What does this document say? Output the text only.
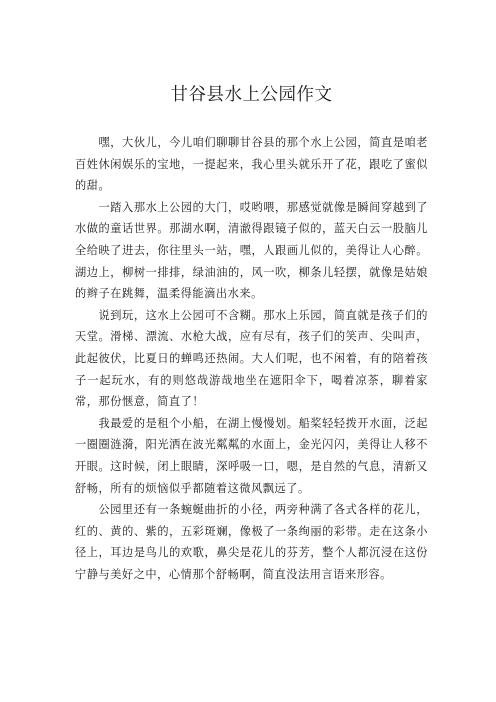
甘谷县水上公园作文

嘿，大伙儿，今儿咱们聊聊甘谷县的那个水上公园，简直是咱老百姓休闲娱乐的宝地，一提起来，我心里头就乐开了花，跟吃了蜜似的甜。

一踏入那水上公园的大门，哎哟喂，那感觉就像是瞬间穿越到了水做的童话世界。那湖水啊，清澈得跟镜子似的，蓝天白云一股脑儿全给映了进去，你往里头一站，嘿，人跟画儿似的，美得让人心醉。湖边上，柳树一排排，绿油油的，风一吹，柳条儿轻摆，就像是姑娘的辫子在跳舞，温柔得能滴出水来。

说到玩，这水上公园可不含糊。那水上乐园，简直就是孩子们的天堂。滑梯、漂流、水枪大战，应有尽有，孩子们的笑声、尖叫声，此起彼伏，比夏日的蝉鸣还热闹。大人们呢，也不闲着，有的陪着孩子一起玩水，有的则悠哉游哉地坐在遮阳伞下，喝着凉茶，聊着家常，那份惬意，简直了！

我最爱的是租个小船，在湖上慢慢划。船桨轻轻拨开水面，泛起一圈圈涟漪，阳光洒在波光粼粼的水面上，金光闪闪，美得让人移不开眼。这时候，闭上眼睛，深呼吸一口，嗯，是自然的气息，清新又舒畅，所有的烦恼似乎都随着这微风飘远了。

公园里还有一条蜿蜒曲折的小径，两旁种满了各式各样的花儿，红的、黄的、紫的，五彩斑斓，像极了一条绚丽的彩带。走在这条小径上，耳边是鸟儿的欢歌，鼻尖是花儿的芬芳，整个人都沉浸在这份宁静与美好之中，心情那个舒畅啊，简直没法用言语来形容。
